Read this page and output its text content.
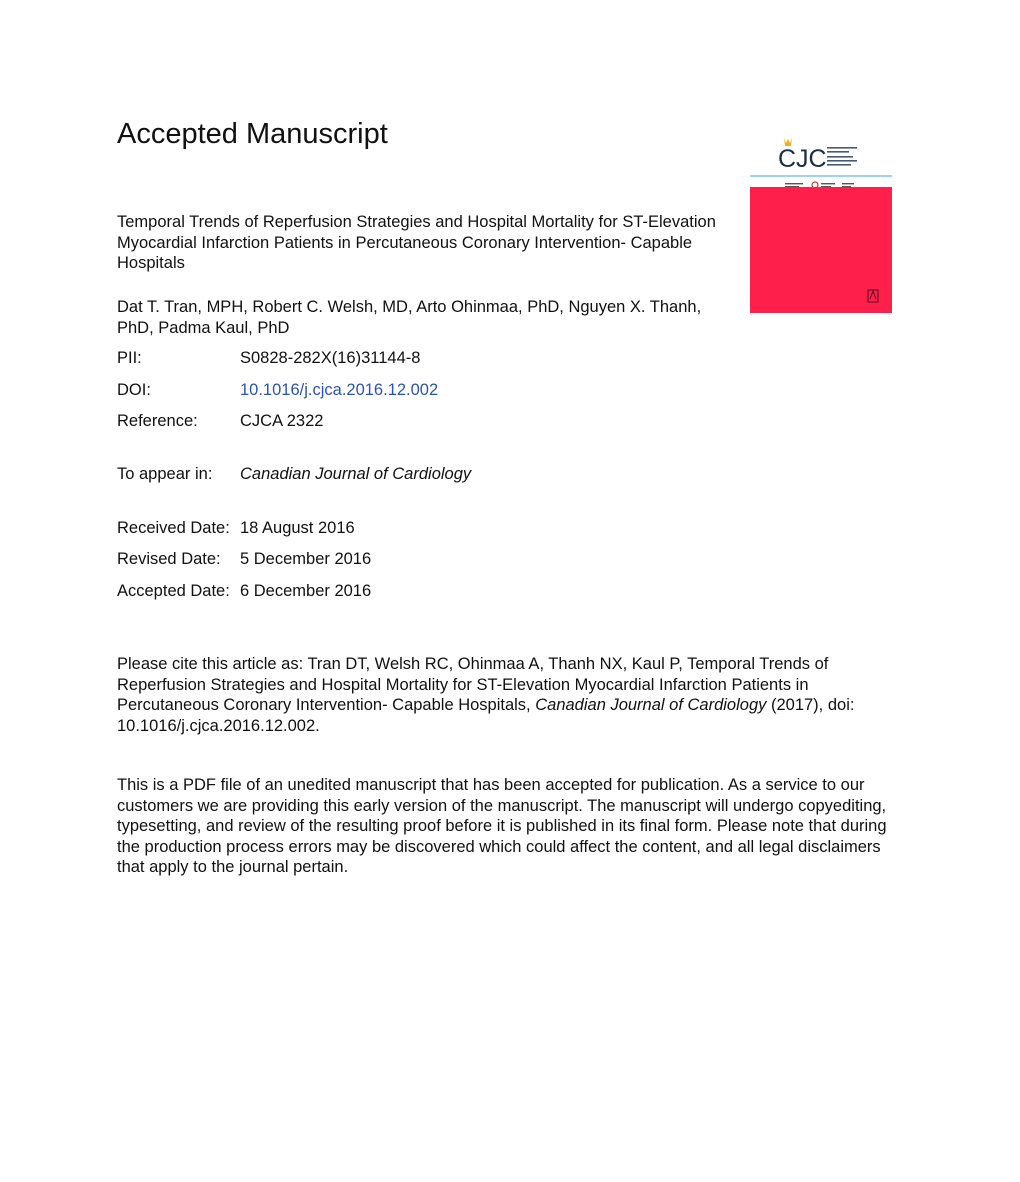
Accepted Manuscript
Temporal Trends of Reperfusion Strategies and Hospital Mortality for ST-Elevation Myocardial Infarction Patients in Percutaneous Coronary Intervention- Capable Hospitals
Dat T. Tran, MPH, Robert C. Welsh, MD, Arto Ohinmaa, PhD, Nguyen X. Thanh, PhD, Padma Kaul, PhD
PII:	S0828-282X(16)31144-8
DOI:	10.1016/j.cjca.2016.12.002
Reference:	CJCA 2322
To appear in: Canadian Journal of Cardiology
Received Date: 18 August 2016
Revised Date: 5 December 2016
Accepted Date: 6 December 2016
Please cite this article as: Tran DT, Welsh RC, Ohinmaa A, Thanh NX, Kaul P, Temporal Trends of Reperfusion Strategies and Hospital Mortality for ST-Elevation Myocardial Infarction Patients in Percutaneous Coronary Intervention- Capable Hospitals, Canadian Journal of Cardiology (2017), doi: 10.1016/j.cjca.2016.12.002.
This is a PDF file of an unedited manuscript that has been accepted for publication. As a service to our customers we are providing this early version of the manuscript. The manuscript will undergo copyediting, typesetting, and review of the resulting proof before it is published in its final form. Please note that during the production process errors may be discovered which could affect the content, and all legal disclaimers that apply to the journal pertain.
CJC
